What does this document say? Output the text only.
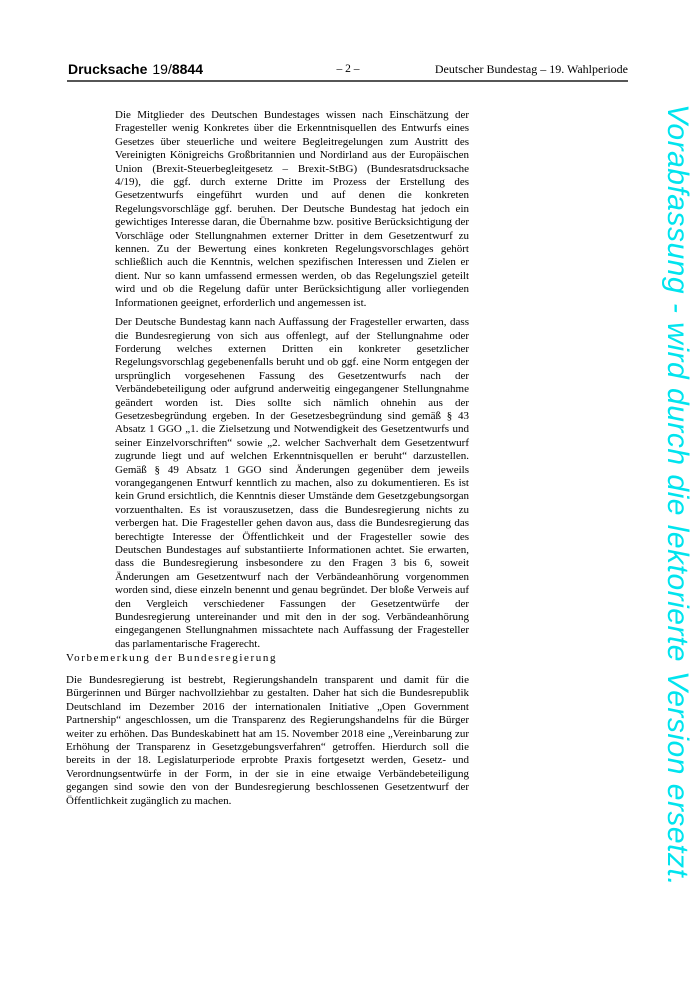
Drucksache 19/8844	– 2 –	Deutscher Bundestag – 19. Wahlperiode

Die Mitglieder des Deutschen Bundestages wissen nach Einschätzung der Fragesteller wenig Konkretes über die Erkenntnisquellen des Entwurfs eines Gesetzes über steuerliche und weitere Begleitregelungen zum Austritt des Vereinigten Königreichs Großbritannien und Nordirland aus der Europäischen Union (Brexit-Steuerbegleitgesetz – Brexit-StBG) (Bundesratsdrucksache 4/19), die ggf. durch externe Dritte im Prozess der Erstellung des Gesetzentwurfs eingeführt wurden und auf denen die konkreten Regelungsvorschläge ggf. beruhen. Der Deutsche Bundestag hat jedoch ein gewichtiges Interesse daran, die Übernahme bzw. positive Berücksichtigung der Vorschläge oder Stellungnahmen externer Dritter in dem Gesetzentwurf zu kennen. Zu der Bewertung eines konkreten Regelungsvorschlages gehört schließlich auch die Kenntnis, welchen spezifischen Interessen und Zielen er dient. Nur so kann umfassend ermessen werden, ob das Regelungsziel geteilt wird und ob die Regelung dafür unter Berücksichtigung aller vorliegenden Informationen geeignet, erforderlich und angemessen ist.

Der Deutsche Bundestag kann nach Auffassung der Fragesteller erwarten, dass die Bundesregierung von sich aus offenlegt, auf der Stellungnahme oder Forderung welches externen Dritten ein konkreter gesetzlicher Regelungsvorschlag gegebenenfalls beruht und ob ggf. eine Norm entgegen der ursprünglich vorgesehenen Fassung des Gesetzentwurfs nach der Verbändebeteiligung oder aufgrund anderweitig eingegangener Stellungnahme geändert worden ist. Dies sollte sich nämlich ohnehin aus der Gesetzesbegründung ergeben. In der Gesetzesbegründung sind gemäß § 43 Absatz 1 GGO „1. die Zielsetzung und Notwendigkeit des Gesetzentwurfs und seiner Einzelvorschriften“ sowie „2. welcher Sachverhalt dem Gesetzentwurf zugrunde liegt und auf welchen Erkenntnisquellen er beruht“ darzustellen. Gemäß § 49 Absatz 1 GGO sind Änderungen gegenüber dem jeweils vorangegangenen Entwurf kenntlich zu machen, also zu dokumentieren. Es ist kein Grund ersichtlich, die Kenntnis dieser Umstände dem Gesetzgebungsorgan vorzuenthalten. Es ist vorauszusetzen, dass die Bundesregierung nichts zu verbergen hat. Die Fragesteller gehen davon aus, dass die Bundesregierung das berechtigte Interesse der Öffentlichkeit und der Fragesteller sowie des Deutschen Bundestages auf substantiierte Informationen achtet. Sie erwarten, dass die Bundesregierung insbesondere zu den Fragen 3 bis 6, soweit Änderungen am Gesetzentwurf nach der Verbändeanhörung vorgenommen worden sind, diese einzeln benennt und genau begründet. Der bloße Verweis auf den Vergleich verschiedener Fassungen der Gesetzentwürfe der Bundesregierung untereinander und mit den in der sog. Verbändeanhörung eingegangenen Stellungnahmen missachtete nach Auffassung der Fragesteller das parlamentarische Fragerecht.

Vorbemerkung der Bundesregierung

Die Bundesregierung ist bestrebt, Regierungshandeln transparent und damit für die Bürgerinnen und Bürger nachvollziehbar zu gestalten. Daher hat sich die Bundesrepublik Deutschland im Dezember 2016 der internationalen Initiative „Open Government Partnership“ angeschlossen, um die Transparenz des Regierungshandelns für die Bürger weiter zu erhöhen. Das Bundeskabinett hat am 15. November 2018 eine „Vereinbarung zur Erhöhung der Transparenz in Gesetzgebungsverfahren“ getroffen. Hierdurch soll die bereits in der 18. Legislaturperiode erprobte Praxis fortgesetzt werden, Gesetz- und Verordnungsentwürfe in der Form, in der sie in eine etwaige Verbändebeteiligung gegangen sind sowie den von der Bundesregierung beschlossenen Gesetzentwurf der Öffentlichkeit zugänglich zu machen.	Vorabfassung - wird durch die lektorierte Version ersetzt.
